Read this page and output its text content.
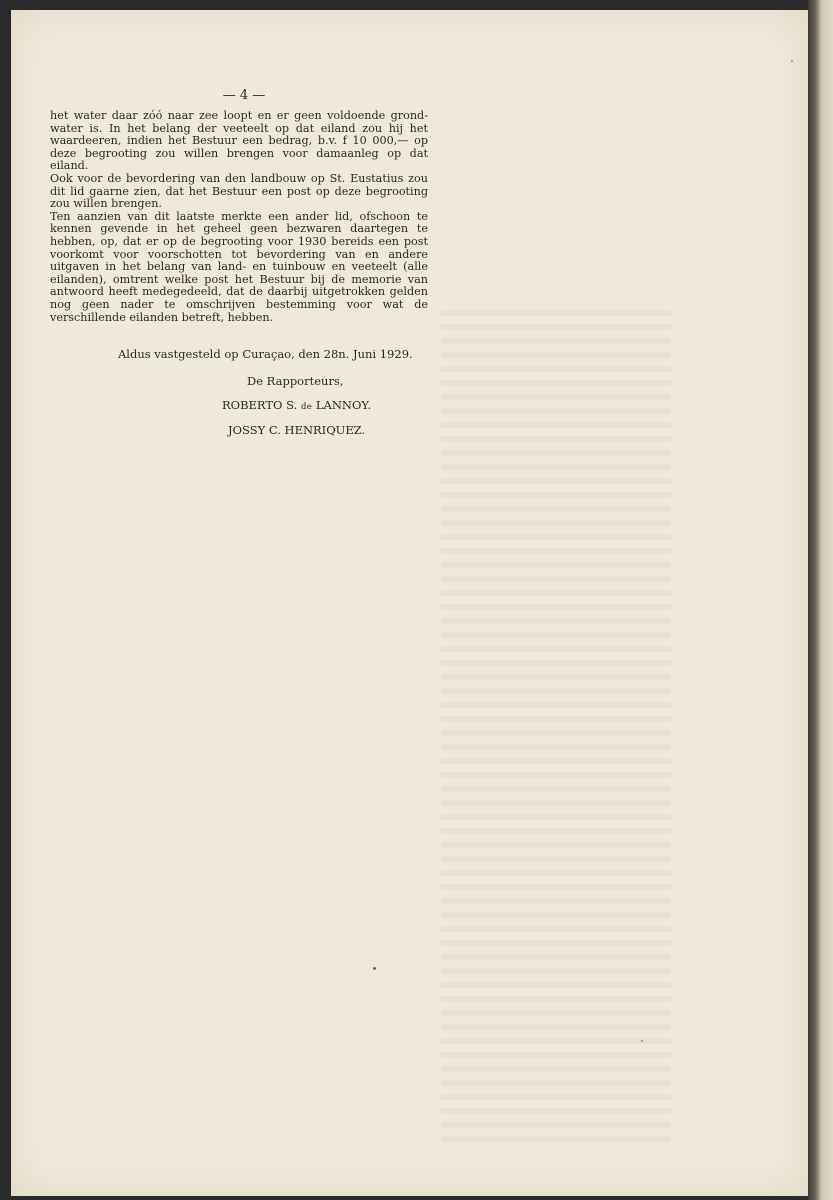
— 4 —

het water daar zóó naar zee loopt en er geen voldoende grondwater is. In het belang der veeteelt op dat eiland zou hij het waardeeren, indien het Bestuur een bedrag, b.v. f 10 000,— op deze begrooting zou willen brengen voor damaanleg op dat eiland.

Ook voor de bevordering van den landbouw op St. Eustatius zou dit lid gaarne zien, dat het Bestuur een post op deze begrooting zou willen brengen.

Ten aanzien van dit laatste merkte een ander lid, ofschoon te kennen gevende in het geheel geen bezwaren daartegen te hebben, op, dat er op de begrooting voor 1930 bereids een post voorkomt voor voorschotten tot bevordering van en andere uitgaven in het belang van land- en tuinbouw en veeteelt (alle eilanden), omtrent welke post het Bestuur bij de memorie van antwoord heeft medegedeeld, dat de daarbij uitgetrokken gelden nog geen nader te omschrijven bestemming voor wat de verschillende eilanden betreft, hebben.

Aldus vastgesteld op Curaçao, den 28n. Juni 1929.
De Rapporteurs,
ROBERTO S. de LANNOY.
JOSSY C. HENRIQUEZ.
